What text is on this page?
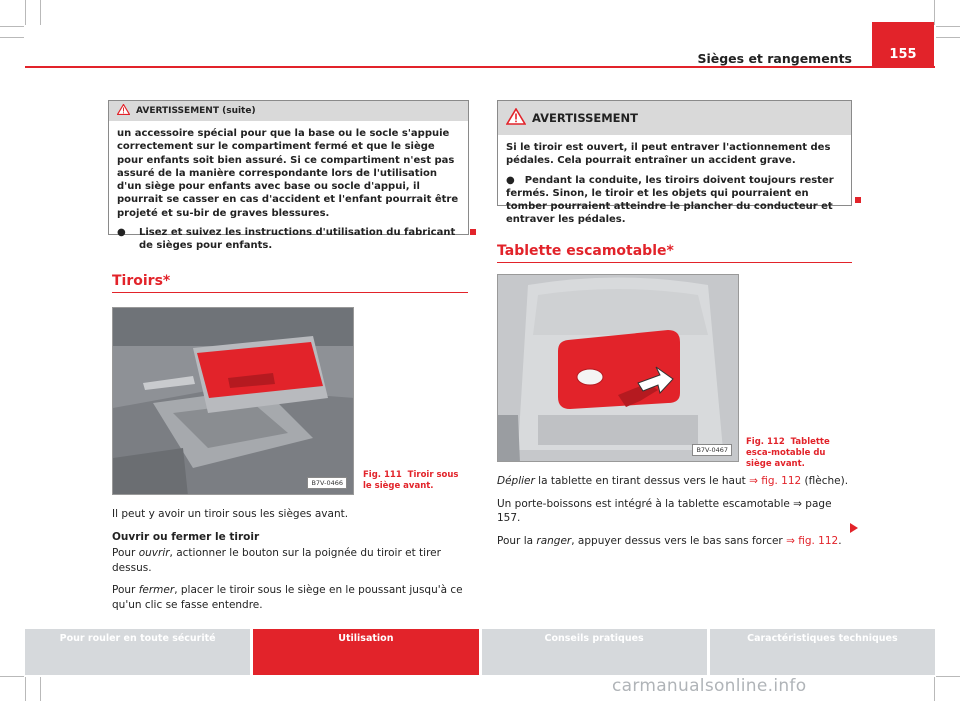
Sièges et rangements	155
AVERTISSEMENT (suite)

un accessoire spécial pour que la base ou le socle s'appuie correctement sur le compartiment fermé et que le siège pour enfants soit bien assuré. Si ce compartiment n'est pas assuré de la manière correspondante lors de l'utilisation d'un siège pour enfants avec base ou socle d'appui, il pourrait se casser en cas d'accident et l'enfant pourrait être projeté et su-bir de graves blessures.

● Lisez et suivez les instructions d'utilisation du fabricant de sièges pour enfants.

AVERTISSEMENT

Si le tiroir est ouvert, il peut entraver l'actionnement des pédales. Cela pourrait entraîner un accident grave.

● Pendant la conduite, les tiroirs doivent toujours rester fermés. Sinon, le tiroir et les objets qui pourraient en tomber pourraient atteindre le plancher du conducteur et entraver les pédales.

Tiroirs*
B7V-0466
Fig. 111 Tiroir sous le siège avant.

Il peut y avoir un tiroir sous les sièges avant.

Ouvrir ou fermer le tiroir

Pour ouvrir, actionner le bouton sur la poignée du tiroir et tirer dessus.

Pour fermer, placer le tiroir sous le siège en le poussant jusqu'à ce qu'un clic se fasse entendre.

Tablette escamotable*
B7V-0467
Fig. 112 Tablette esca-motable du siège avant.

Déplier la tablette en tirant dessus vers le haut ⇒ fig. 112 (flèche).

Un porte-boissons est intégré à la tablette escamotable ⇒ page 157.

Pour la ranger, appuyer dessus vers le bas sans forcer ⇒ fig. 112.

Pour rouler en toute sécurité	Utilisation	Conseils pratiques	Caractéristiques techniques
carmanualsonline.info
